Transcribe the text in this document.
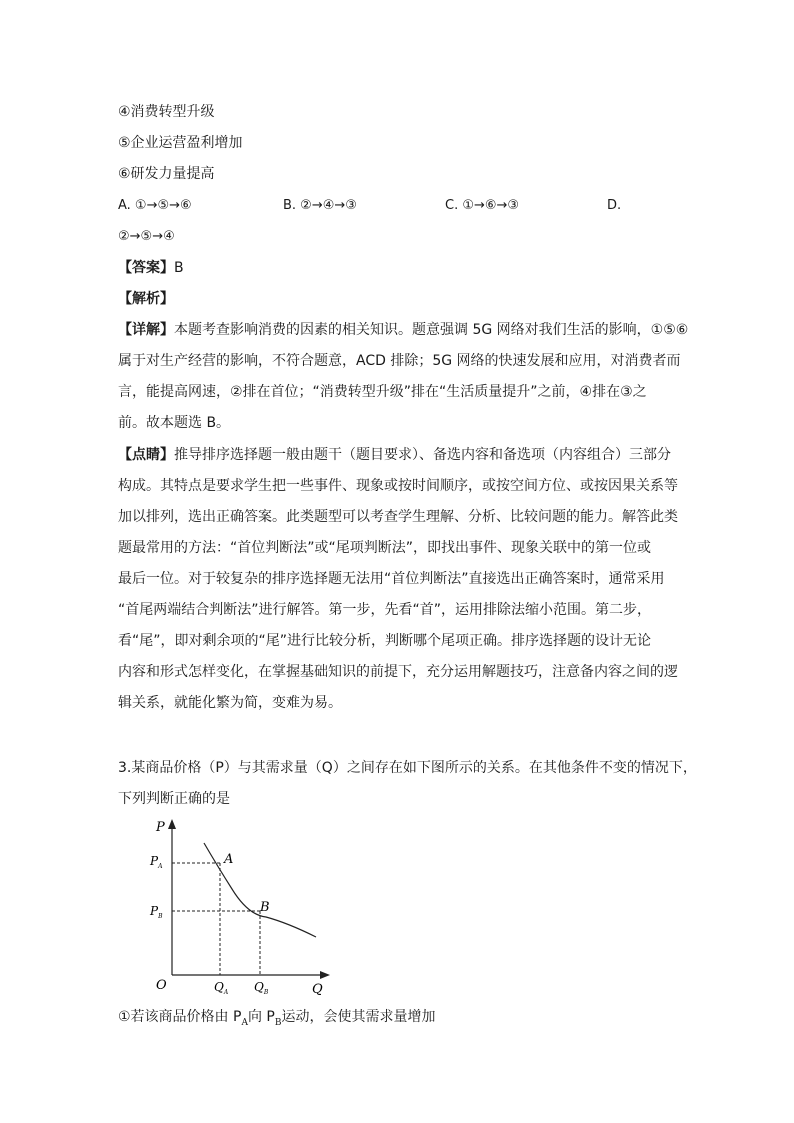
④消费转型升级
⑤企业运营盈利增加
⑥研发力量提高
A. ①→⑤→⑥	B. ②→④→③	C. ①→⑥→③	D.
②→⑤→④
【答案】B
【解析】

【详解】本题考查影响消费的因素的相关知识。题意强调 5G 网络对我们生活的影响，①⑤⑥

属于对生产经营的影响，不符合题意，ACD 排除；5G 网络的快速发展和应用，对消费者而

言，能提高网速，②排在首位；“消费转型升级”排在“生活质量提升”之前，④排在③之

前。故本题选 B。

【点睛】推导排序选择题一般由题干（题目要求）、备选内容和备选项（内容组合）三部分

构成。其特点是要求学生把一些事件、现象或按时间顺序，或按空间方位、或按因果关系等

加以排列，选出正确答案。此类题型可以考查学生理解、分析、比较问题的能力。解答此类

题最常用的方法：“首位判断法”或“尾项判断法”，即找出事件、现象关联中的第一位或

最后一位。对于较复杂的排序选择题无法用“首位判断法”直接选出正确答案时，通常采用

“首尾两端结合判断法”进行解答。第一步，先看“首”，运用排除法缩小范围。第二步，

看“尾”，即对剩余项的“尾”进行比较分析，判断哪个尾项正确。排序选择题的设计无论

内容和形式怎样变化，在掌握基础知识的前提下，充分运用解题技巧，注意备内容之间的逻

辑关系，就能化繁为简，变难为易。

3.某商品价格（P）与其需求量（Q）之间存在如下图所示的关系。在其他条件不变的情况下，

下列判断正确的是

P
Q
O
A
B
$P_A$
$P_B$
$Q_A$ $Q_B$
①若该商品价格由 $P_A$向 $P_B$运动，会使其需求量增加
